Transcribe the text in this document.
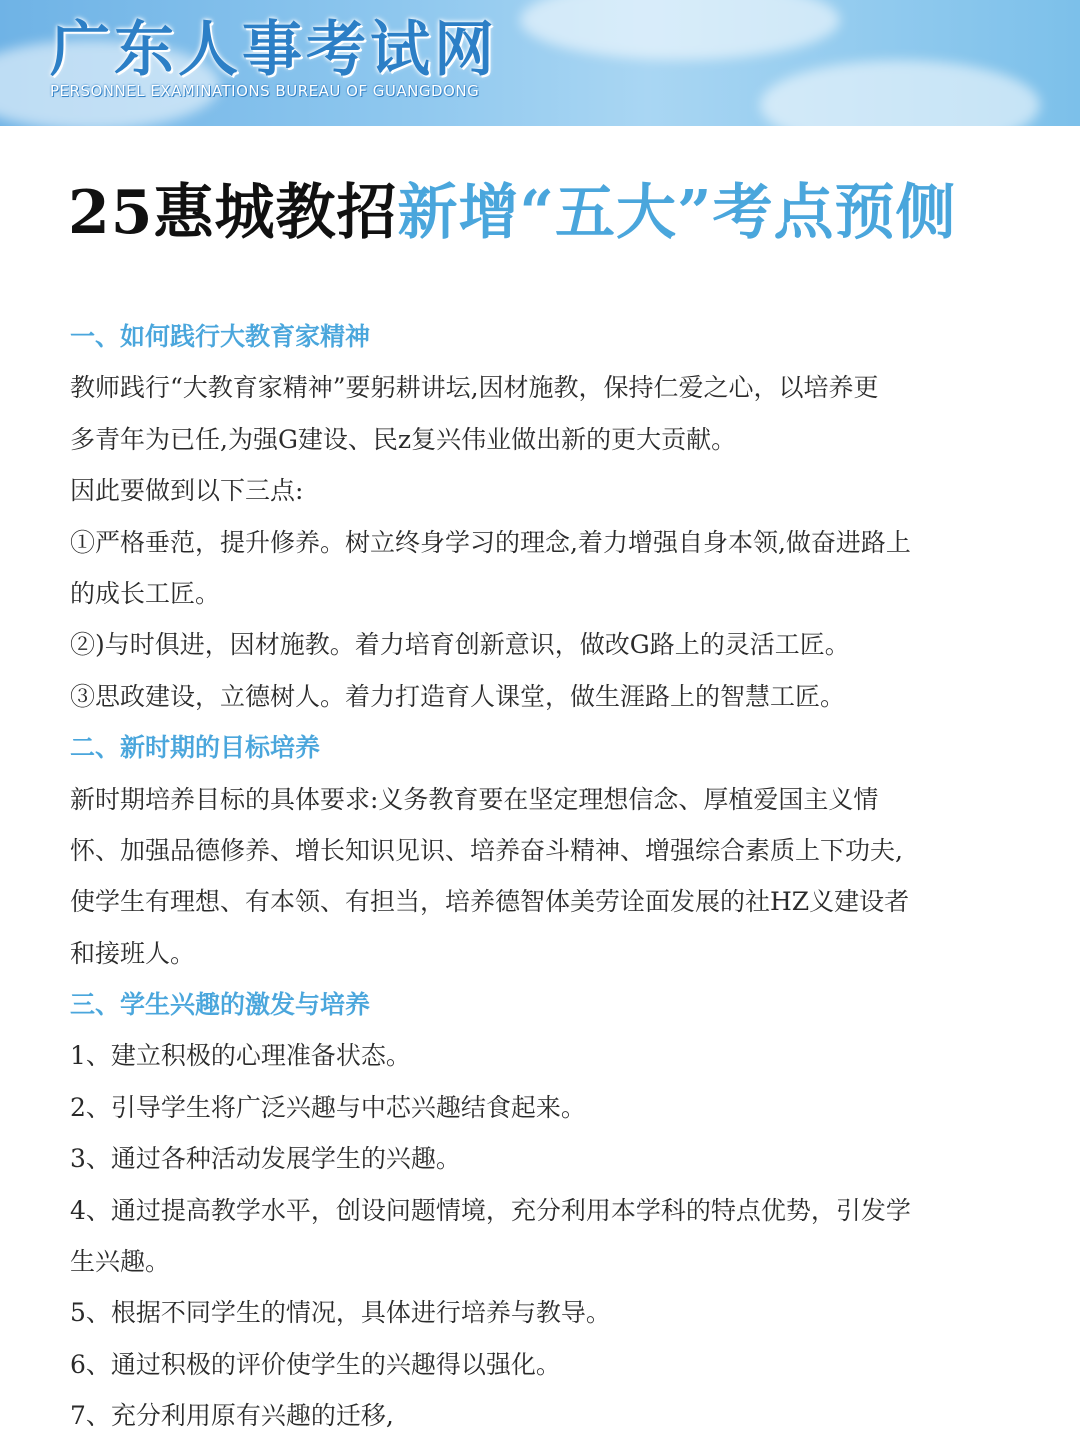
广东人事考试网
PERSONNEL EXAMINATIONS BUREAU OF GUANGDONG
25惠城教招新增“五大”考点预侧
一、如何践行大教育家精神
教师践行“大教育家精神”要躬耕讲坛,因材施教，保持仁爱之心，以培养更
多青年为已任,为强G建设、民z复兴伟业做出新的更大贡献。
因此要做到以下三点:
①严格垂范，提升修养。树立终身学习的理念,着力增强自身本领,做奋进路上
的成长工匠。
②)与时俱进，因材施教。着力培育创新意识，做改G路上的灵活工匠。
③思政建设，立德树人。着力打造育人课堂，做生涯路上的智慧工匠。
二、新时期的目标培养
新时期培养目标的具体要求:义务教育要在坚定理想信念、厚植爱国主义情
怀、加强品德修养、增长知识见识、培养奋斗精神、增强综合素质上下功夫,
使学生有理想、有本领、有担当，培养德智体美劳诠面发展的社HZ义建设者
和接班人。
三、学生兴趣的激发与培养
1、建立积极的心理准备状态。
2、引导学生将广泛兴趣与中芯兴趣结食起来。
3、通过各种活动发展学生的兴趣。
4、通过提高教学水平，创设问题情境，充分利用本学科的特点优势，引发学
生兴趣。
5、根据不同学生的情况，具体进行培养与教导。
6、通过积极的评价使学生的兴趣得以强化。
7、充分利用原有兴趣的迁移,
